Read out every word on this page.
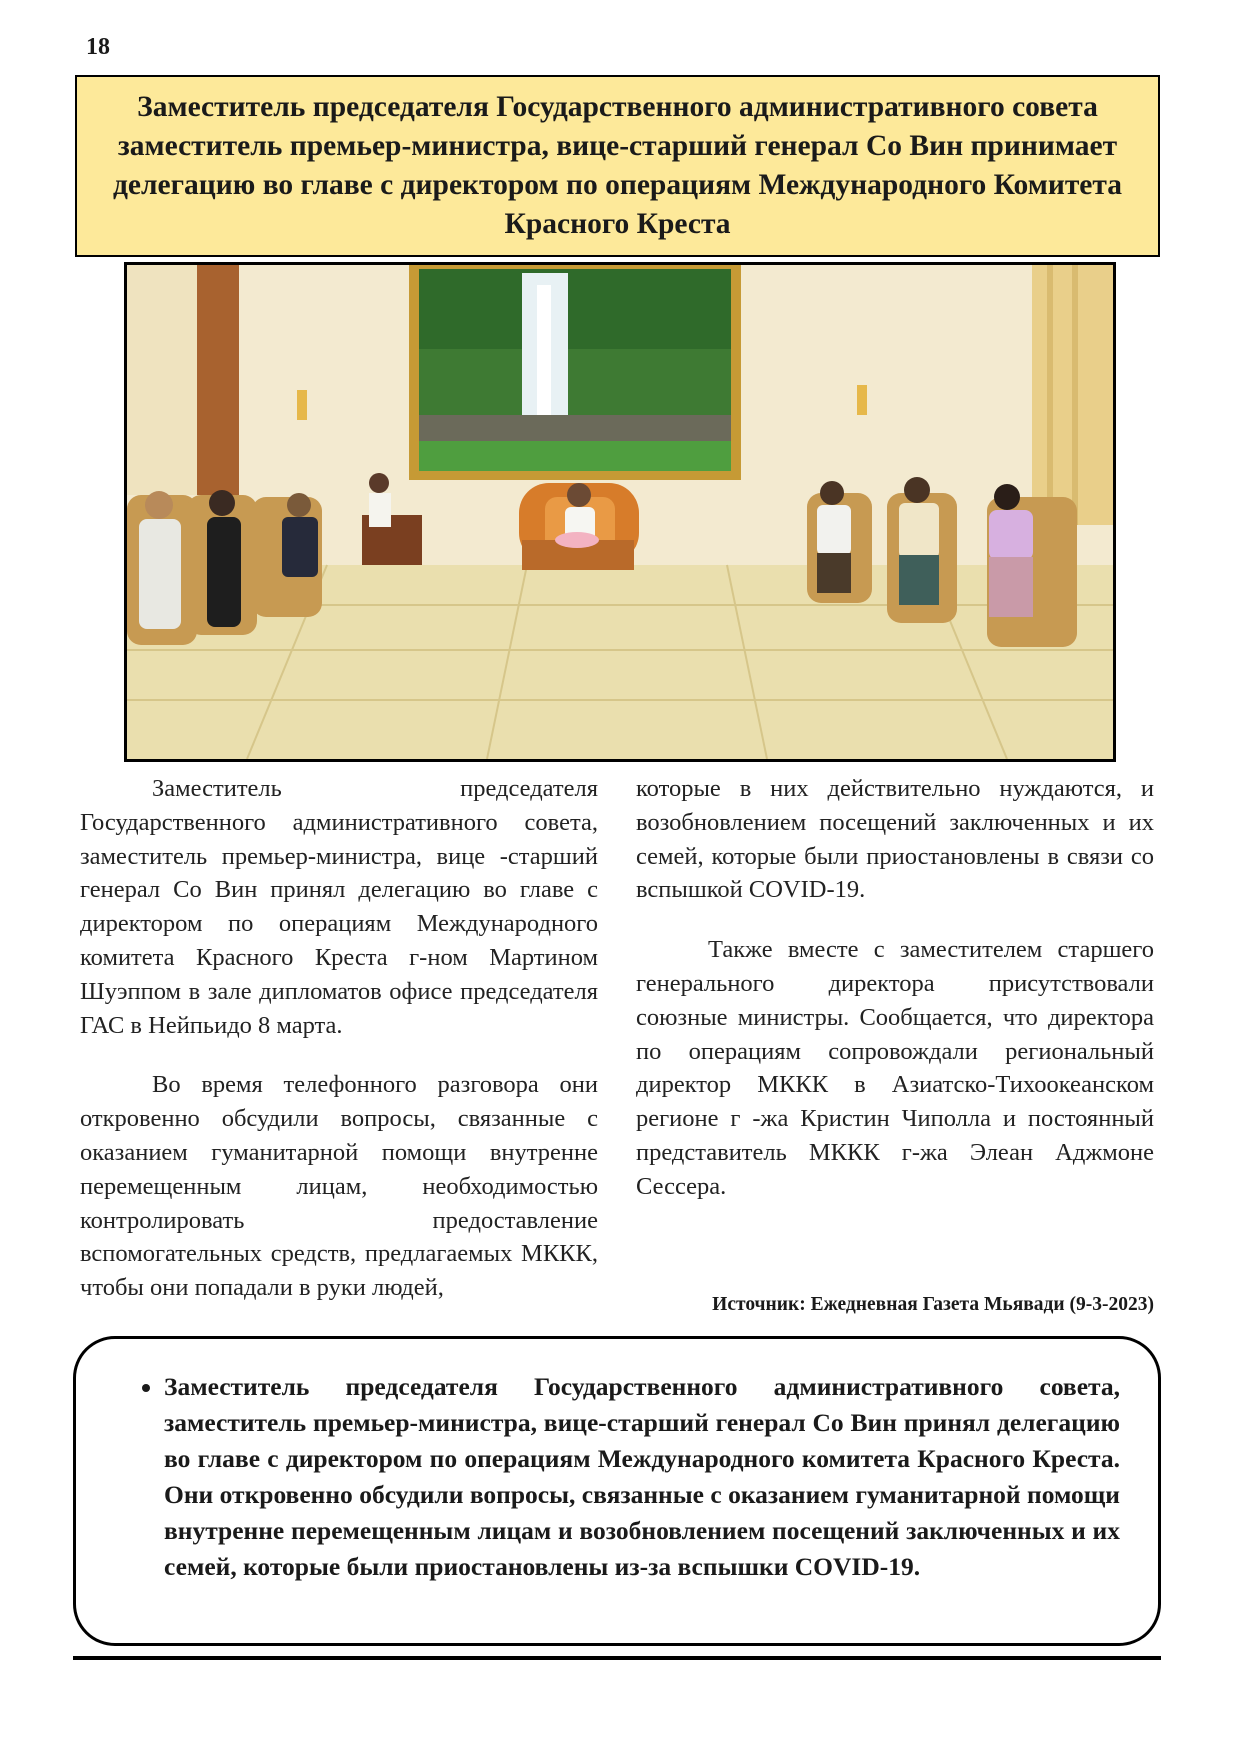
18
Заместитель председателя Государственного административного совета заместитель премьер-министра, вице-старший генерал Со Вин принимает делегацию во главе с директором по операциям Международного Комитета Красного Креста

Заместитель председателя Государственного административного совета, заместитель премьер-министра, вице -старший генерал Со Вин принял делегацию во главе с директором по операциям Международного комитета Красного Креста г-ном Мартином Шуэппом в зале дипломатов офисе председателя ГАС в Нейпьидо 8 марта.

Во время телефонного разговора они откровенно обсудили вопросы, связанные с оказанием гуманитарной помощи внутренне перемещенным лицам, необходимостью контролировать предоставление вспомогательных средств, предлагаемых МККК, чтобы они попадали в руки людей,

которые в них действительно нуждаются, и возобновлением посещений заключенных и их семей, которые были приостановлены в связи со вспышкой COVID-19.

Также вместе с заместителем старшего генерального директора присутствовали союзные министры. Сообщается, что директора по операциям сопровождали региональный директор МККК в Азиатско-Тихоокеанском регионе г -жа Кристин Чиполла и постоянный представитель МККК г-жа Элеан Аджмоне Сессера.

Источник: Ежедневная Газета Мьявади (9-3-2023)
• Заместитель председателя Государственного административного совета, заместитель премьер-министра, вице-старший генерал Со Вин принял делегацию во главе с директором по операциям Международного комитета Красного Креста. Они откровенно обсудили вопросы, связанные с оказанием гуманитарной помощи внутренне перемещенным лицам и возобновлением посещений заключенных и их семей, которые были приостановлены из-за вспышки COVID-19.
